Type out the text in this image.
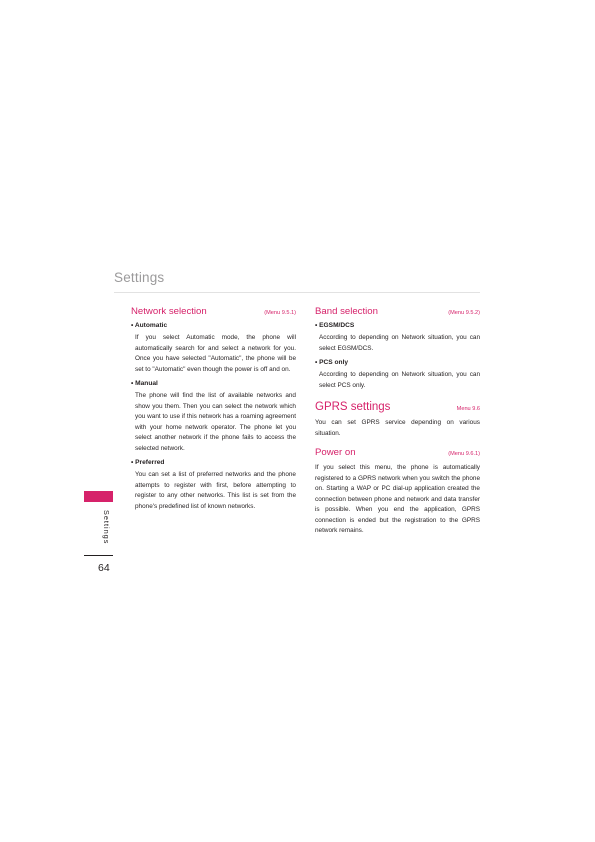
Settings
Settings
64
Network selection	(Menu 9.5.1)
• Automatic

If you select Automatic mode, the phone will automatically search for and select a network for you. Once you have selected "Automatic", the phone will be set to "Automatic" even though the power is off and on.

• Manual

The phone will find the list of available networks and show you them. Then you can select the network which you want to use if this network has a roaming agreement with your home network operator. The phone let you select another network if the phone fails to access the selected network.

• Preferred

You can set a list of preferred networks and the phone attempts to register with first, before attempting to register to any other networks. This list is set from the phone's predefined list of known networks.

Band selection	(Menu 9.5.2)
• EGSM/DCS

According to depending on Network situation, you can select EGSM/DCS.

• PCS only

According to depending on Network situation, you can select PCS only.

GPRS settings	Menu 9.6

You can set GPRS service depending on various situation.

Power on	(Menu 9.6.1)

If you select this menu, the phone is automatically registered to a GPRS network when you switch the phone on. Starting a WAP or PC dial-up application created the connection between phone and network and data transfer is possible. When you end the application, GPRS connection is ended but the registration to the GPRS network remains.
